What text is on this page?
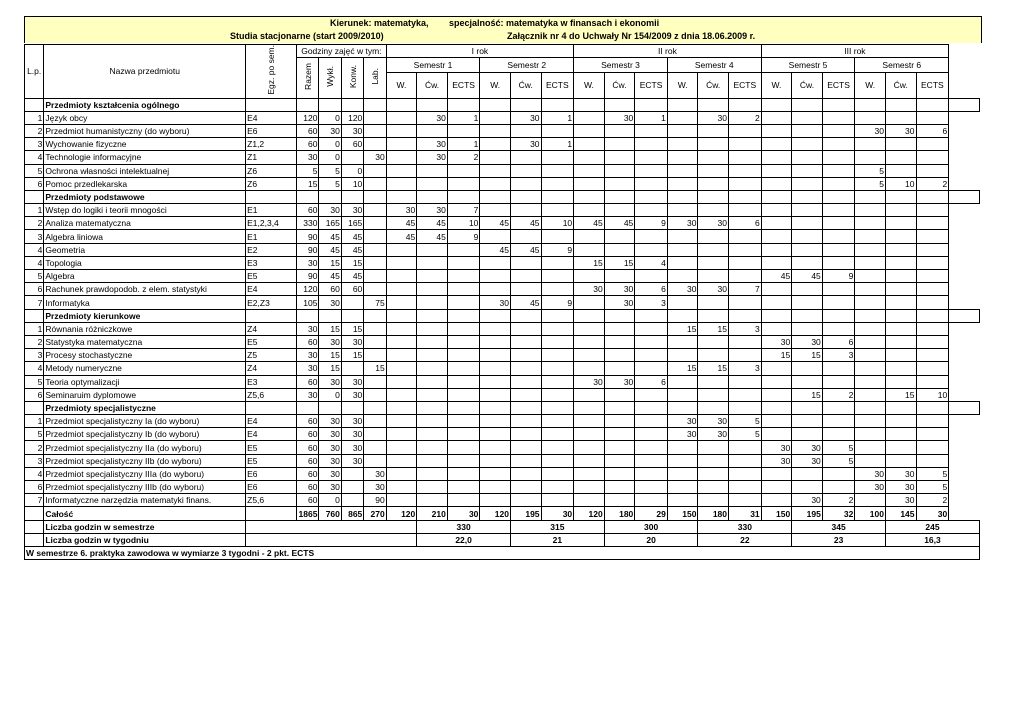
Kierunek: matematyka, specjalność: matematyka w finansach i ekonomii
Studia stacjonarne (start 2009/2010)	Załącznik nr 4 do Uchwały Nr 154/2009 z dnia 18.06.2009 r.
L.p.	Nazwa przedmiotu	Egz. po sem.	Godziny zajęć w tym:				I rok						II rok						III rok						
			Razem	Wykł.	Konw.	Lab.	Semestr 1			Semestr 2			Semestr 3			Semestr 4			Semestr 5			Semestr 6			
							W.	Ćw.	ECTS	W.	Ćw.	ECTS	W.	Ćw.	ECTS	W.	Ćw.	ECTS	W.	Ćw.	ECTS	W.	Ćw.	ECTS	
	Przedmioty kształcenia ogólnego																								
1	Język obcy	E4	120	0	120			30	1		30	1		30	1		30	2							
2	Przedmiot humanistyczny (do wyboru)	E6	60	30	30																	30	30	6	
3	Wychowanie fizyczne	Z1,2	60	0	60			30	1		30	1													
4	Technologie informacyjne	Z1	30	0		30		30	2																
5	Ochrona własności intelektualnej	Z6	5	5	0																	5			
6	Pomoc przedlekarska	Z6	15	5	10																	5	10	2	
	Przedmioty podstawowe																								
1	Wstęp do logiki i teorii mnogości	E1	60	30	30		30	30	7																
2	Analiza matematyczna	E1,2,3,4	330	165	165		45	45	10	45	45	10	45	45	9	30	30	6							
3	Algebra liniowa	E1	90	45	45		45	45	9																
4	Geometria	E2	90	45	45					45	45	9													
4	Topologia	E3	30	15	15								15	15	4										
5	Algebra	E5	90	45	45														45	45	9				
6	Rachunek prawdopodob. z elem. statystyki	E4	120	60	60								30	30	6	30	30	7							
7	Informatyka	E2,Z3	105	30		75				30	45	9		30	3										
	Przedmioty kierunkowe																								
1	Równania różniczkowe	Z4	30	15	15											15	15	3							
2	Statystyka matematyczna	E5	60	30	30														30	30	6				
3	Procesy stochastyczne	Z5	30	15	15														15	15	3				
4	Metody numeryczne	Z4	30	15		15										15	15	3							
5	Teoria optymalizacji	E3	60	30	30								30	30	6										
6	Seminaruim dyplomowe	Z5,6	30	0	30															15	2		15	10	
	Przedmioty specjalistyczne																								
1	Przedmiot specjalistyczny Ia (do wyboru)	E4	60	30	30											30	30	5							
5	Przedmiot specjalistyczny Ib (do wyboru)	E4	60	30	30											30	30	5							
2	Przedmiot specjalistyczny IIa (do wyboru)	E5	60	30	30														30	30	5				
3	Przedmiot specjalistyczny IIb (do wyboru)	E5	60	30	30														30	30	5				
4	Przedmiot specjalistyczny IIIa (do wyboru)	E6	60	30		30																30	30	5	
6	Przedmiot specjalistyczny IIIb (do wyboru)	E6	60	30		30																30	30	5	
7	Informatyczne narzędzia matematyki finans.	Z5,6	60	0		90														30	2		30	2	
	Całość		1865	760	865	270	120	210	30	120	195	30	120	180	29	150	180	31	150	195	32	100	145	30	
	Liczba godzin w semestrze							330			315			300			330			345			245		
	Liczba godzin w tygodniu							22,0			21			20			22			23			16,3		
W semestrze 6. praktyka zawodowa w wymiarze 3 tygodni - 2 pkt. ECTS																									
